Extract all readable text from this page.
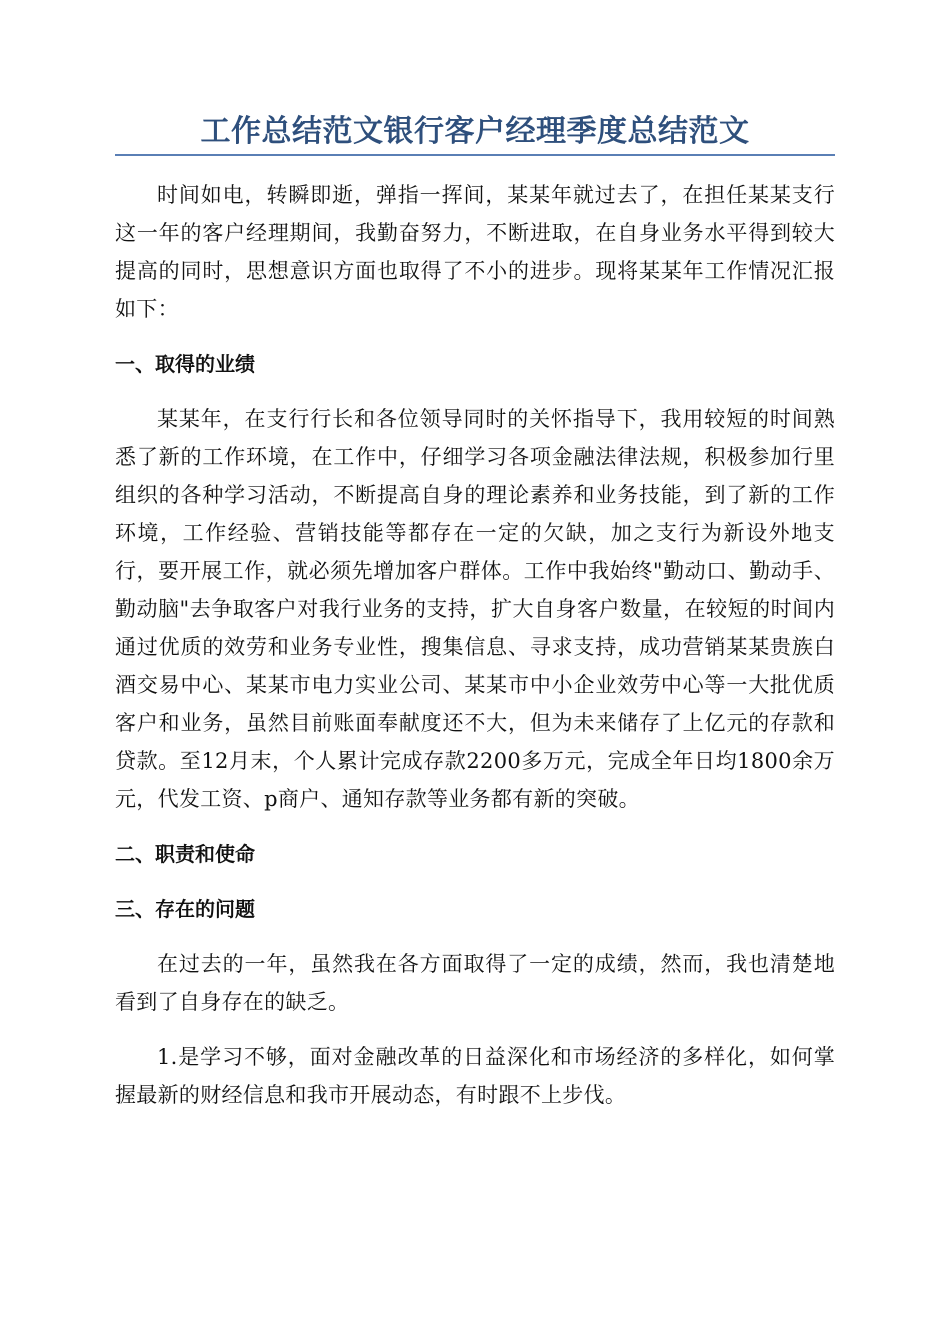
工作总结范文银行客户经理季度总结范文

时间如电，转瞬即逝，弹指一挥间，某某年就过去了，在担任某某支行这一年的客户经理期间，我勤奋努力，不断进取，在自身业务水平得到较大提高的同时，思想意识方面也取得了不小的进步。现将某某年工作情况汇报如下：

一、取得的业绩

某某年，在支行行长和各位领导同时的关怀指导下，我用较短的时间熟悉了新的工作环境，在工作中，仔细学习各项金融法律法规，积极参加行里组织的各种学习活动，不断提高自身的理论素养和业务技能，到了新的工作环境，工作经验、营销技能等都存在一定的欠缺，加之支行为新设外地支行，要开展工作，就必须先增加客户群体。工作中我始终"勤动口、勤动手、勤动脑"去争取客户对我行业务的支持，扩大自身客户数量，在较短的时间内通过优质的效劳和业务专业性，搜集信息、寻求支持，成功营销某某贵族白酒交易中心、某某市电力实业公司、某某市中小企业效劳中心等一大批优质客户和业务，虽然目前账面奉献度还不大，但为未来储存了上亿元的存款和贷款。至12月末，个人累计完成存款2200多万元，完成全年日均1800余万元，代发工资、p商户、通知存款等业务都有新的突破。

二、职责和使命
三、存在的问题

在过去的一年，虽然我在各方面取得了一定的成绩，然而，我也清楚地看到了自身存在的缺乏。

1.是学习不够，面对金融改革的日益深化和市场经济的多样化，如何掌握最新的财经信息和我市开展动态，有时跟不上步伐。
